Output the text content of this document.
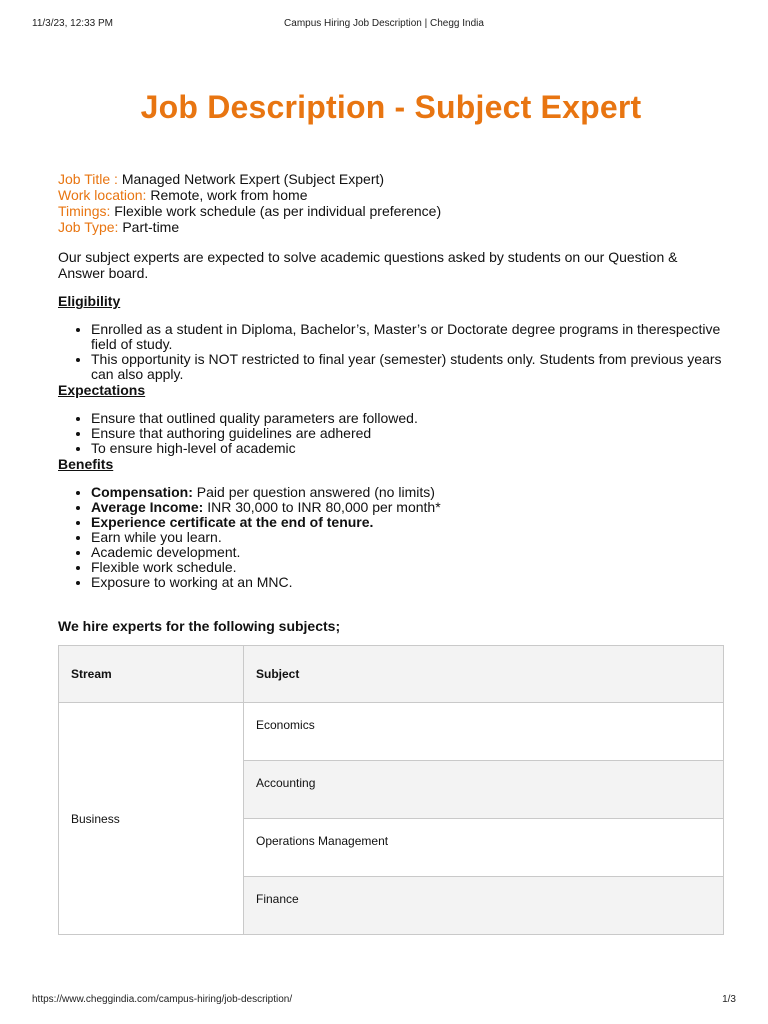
11/3/23, 12:33 PM	Campus Hiring Job Description | Chegg India
Job Description - Subject Expert
Job Title : Managed Network Expert (Subject Expert)
Work location: Remote, work from home
Timings: Flexible work schedule (as per individual preference)
Job Type: Part-time

Our subject experts are expected to solve academic questions asked by students on our Question & Answer board.

Eligibility
• Enrolled as a student in Diploma, Bachelor’s, Master’s or Doctorate degree programs in therespective field of study.
• This opportunity is NOT restricted to final year (semester) students only. Students from previous years can also apply.
Expectations
• Ensure that outlined quality parameters are followed.
• Ensure that authoring guidelines are adhered
• To ensure high-level of academic
Benefits
• Compensation: Paid per question answered (no limits)
• Average Income: INR 30,000 to INR 80,000 per month*
• Experience certificate at the end of tenure.
• Earn while you learn.
• Academic development.
• Flexible work schedule.
• Exposure to working at an MNC.
We hire experts for the following subjects;
Stream	Subject
Business	Economics
	Accounting
	Operations Management
	Finance
https://www.cheggindia.com/campus-hiring/job-description/	1/3
